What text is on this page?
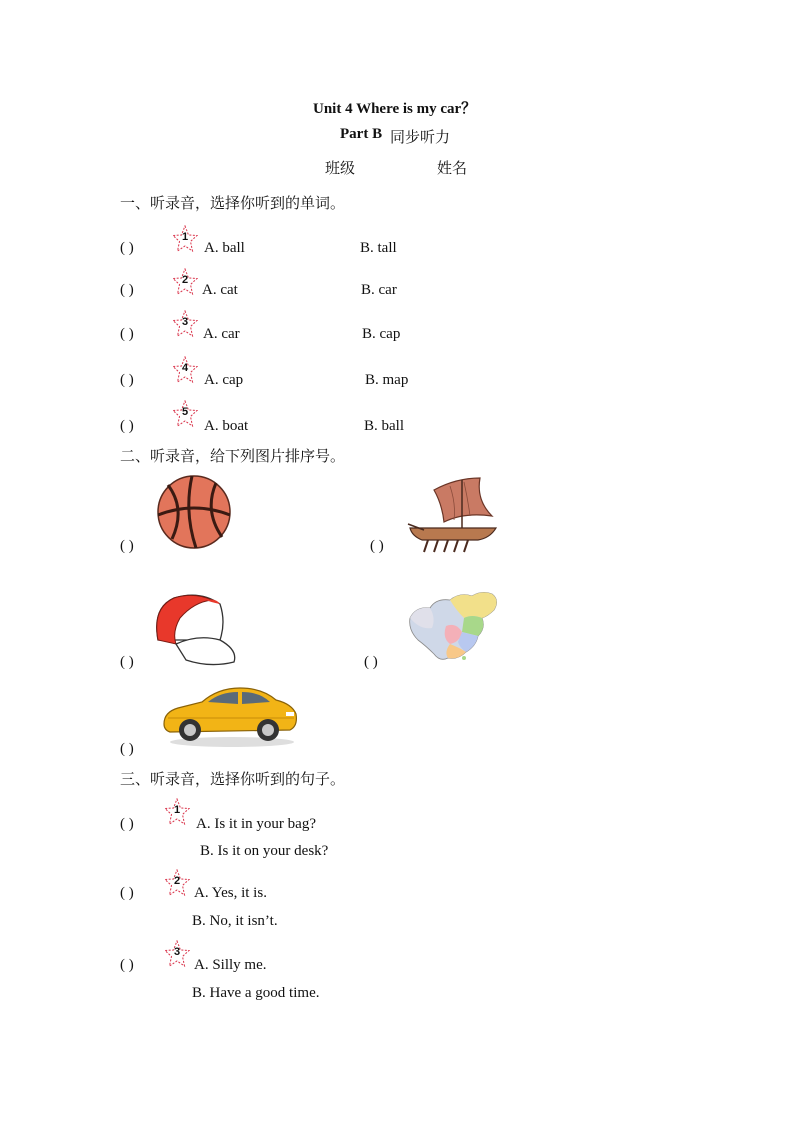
Unit 4 Where is my car？
Part B 同步听力
班级	姓名
一、听录音，选择你听到的单词。
( )
1
A. ball	B. tall
( )
2
A. cat	B. car
( )
3
A. car	B. cap
( )
4
A. cap	B. map
( )
5
A. boat	B. ball
二、听录音，给下列图片排序号。
( )	( )
( )	( )
( )
三、听录音，选择你听到的句子。
( )
1
A. Is it in your bag?
B. Is it on your desk?
( )
2
A. Yes, it is.
B. No, it isn’t.
( )
3
A. Silly me.
B. Have a good time.
